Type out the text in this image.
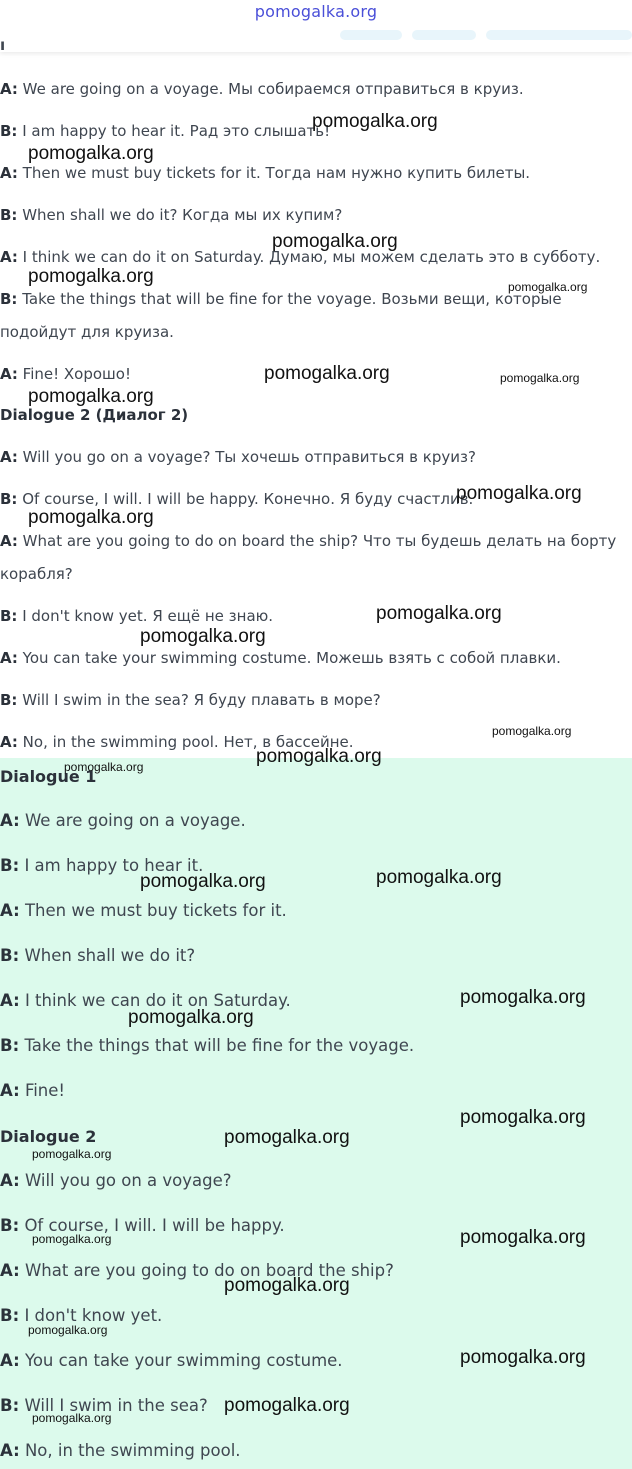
ı
pomogalka.org
A: We are going on a voyage. Мы собираемся отправиться в круиз.
B: I am happy to hear it. Рад это слышать!
A: Then we must buy tickets for it. Тогда нам нужно купить билеты.
B: When shall we do it? Когда мы их купим?
A: I think we can do it on Saturday. Думаю, мы можем сделать это в субботу.
B: Take the things that will be fine for the voyage. Возьми вещи, которые
подойдут для круиза.
A: Fine! Хорошо!
Dialogue 2 (Диалог 2)
A: Will you go on a voyage? Ты хочешь отправиться в круиз?
B: Of course, I will. I will be happy. Конечно. Я буду счастлив.
A: What are you going to do on board the ship? Что ты будешь делать на борту
корабля?
B: I don't know yet. Я ещё не знаю.
A: You can take your swimming costume. Можешь взять с собой плавки.
B: Will I swim in the sea? Я буду плавать в море?
A: No, in the swimming pool. Нет, в бассейне.
Dialogue 1
A: We are going on a voyage.
B: I am happy to hear it.
A: Then we must buy tickets for it.
B: When shall we do it?
A: I think we can do it on Saturday.
B: Take the things that will be fine for the voyage.
A: Fine!
Dialogue 2
A: Will you go on a voyage?
B: Of course, I will. I will be happy.
A: What are you going to do on board the ship?
B: I don't know yet.
A: You can take your swimming costume.
B: Will I swim in the sea?
A: No, in the swimming pool.
pomogalka.org
pomogalka.org
pomogalka.org
pomogalka.org	pomogalka.org
pomogalka.org	pomogalka.org
pomogalka.org
pomogalka.org
pomogalka.org
pomogalka.org
pomogalka.org
pomogalka.org
pomogalka.org
pomogalka.org
pomogalka.org
pomogalka.org
pomogalka.org
pomogalka.org
pomogalka.org
pomogalka.org
pomogalka.org
pomogalka.org
pomogalka.org
pomogalka.org
pomogalka.org
pomogalka.org
pomogalka.org
pomogalka.org
